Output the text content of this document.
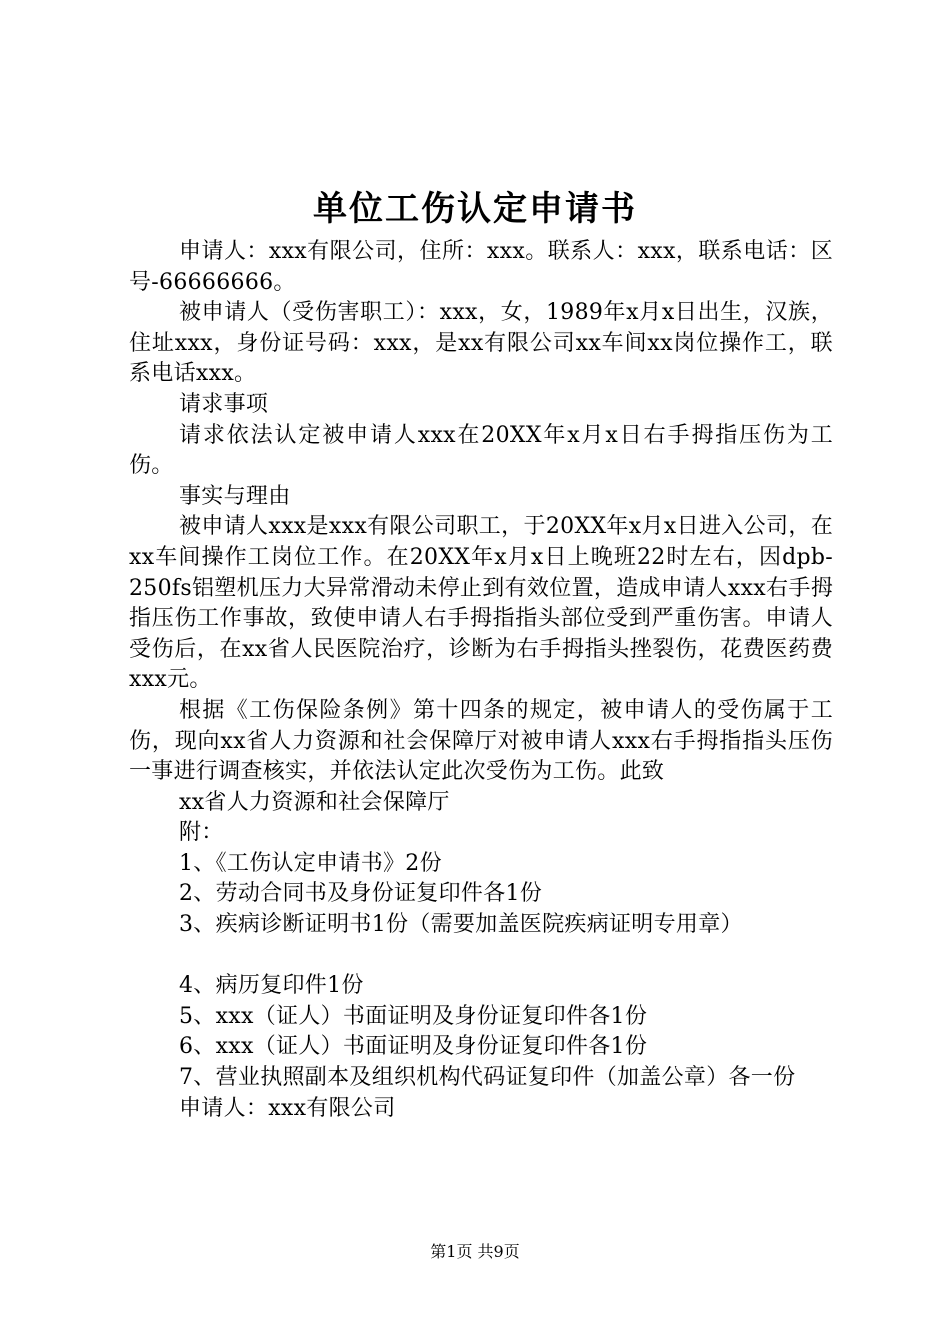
单位工伤认定申请书

申请人：xxx有限公司，住所：xxx。联系人：xxx，联系电话：区号-66666666。

被申请人（受伤害职工）：xxx，女，1989年x月x日出生，汉族，住址xxx，身份证号码：xxx，是xx有限公司xx车间xx岗位操作工，联系电话xxx。

请求事项

请求依法认定被申请人xxx在20XX年x月x日右手拇指压伤为工伤。

事实与理由

被申请人xxx是xxx有限公司职工，于20XX年x月x日进入公司，在xx车间操作工岗位工作。在20XX年x月x日上晚班22时左右，因dpb-250fs铝塑机压力大异常滑动未停止到有效位置，造成申请人xxx右手拇指压伤工作事故，致使申请人右手拇指指头部位受到严重伤害。申请人受伤后，在xx省人民医院治疗，诊断为右手拇指头挫裂伤，花费医药费xxx元。

根据《工伤保险条例》第十四条的规定，被申请人的受伤属于工伤，现向xx省人力资源和社会保障厅对被申请人xxx右手拇指指头压伤一事进行调查核实，并依法认定此次受伤为工伤。此致

xx省人力资源和社会保障厅

附：

1、《工伤认定申请书》2份

2、劳动合同书及身份证复印件各1份

3、疾病诊断证明书1份（需要加盖医院疾病证明专用章）

4、病历复印件1份

5、xxx（证人）书面证明及身份证复印件各1份

6、xxx（证人）书面证明及身份证复印件各1份

7、营业执照副本及组织机构代码证复印件（加盖公章）各一份

申请人：xxx有限公司

第1页 共9页
